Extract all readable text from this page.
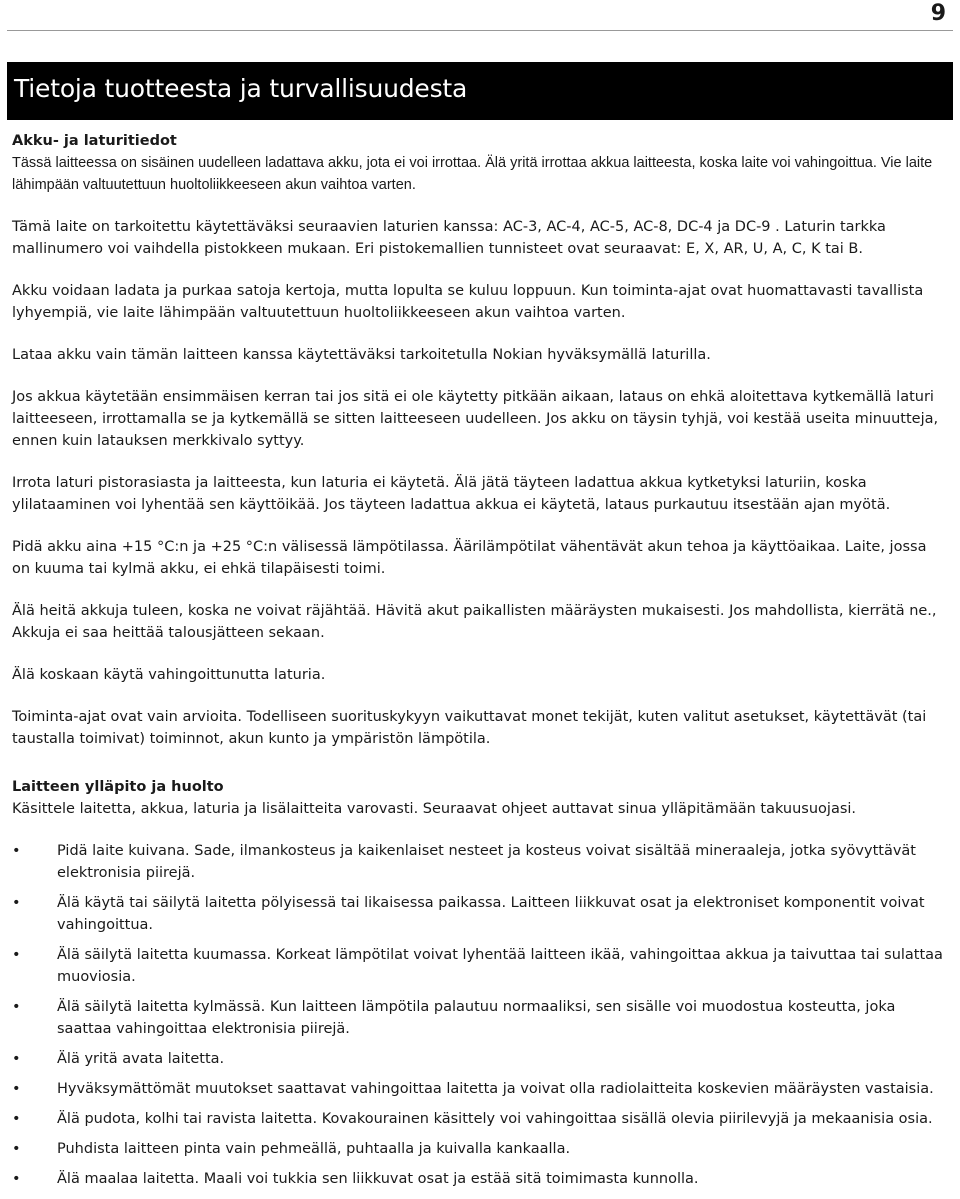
9
Tietoja tuotteesta ja turvallisuudesta

Akku- ja laturitiedot

Tässä laitteessa on sisäinen uudelleen ladattava akku, jota ei voi irrottaa. Älä yritä irrottaa akkua laitteesta, koska laite voi vahingoittua. Vie laite lähimpään valtuutettuun huoltoliikkeeseen akun vaihtoa varten.

Tämä laite on tarkoitettu käytettäväksi seuraavien laturien kanssa: AC-3, AC-4, AC-5, AC-8, DC-4 ja DC-9 . Laturin tarkka mallinumero voi vaihdella pistokkeen mukaan. Eri pistokemallien tunnisteet ovat seuraavat: E, X, AR, U, A, C, K tai B.

Akku voidaan ladata ja purkaa satoja kertoja, mutta lopulta se kuluu loppuun. Kun toiminta-ajat ovat huomattavasti tavallista lyhyempiä, vie laite lähimpään valtuutettuun huoltoliikkeeseen akun vaihtoa varten.

Lataa akku vain tämän laitteen kanssa käytettäväksi tarkoitetulla Nokian hyväksymällä laturilla.

Jos akkua käytetään ensimmäisen kerran tai jos sitä ei ole käytetty pitkään aikaan, lataus on ehkä aloitettava kytkemällä laturi laitteeseen, irrottamalla se ja kytkemällä se sitten laitteeseen uudelleen. Jos akku on täysin tyhjä, voi kestää useita minuutteja, ennen kuin latauksen merkkivalo syttyy.

Irrota laturi pistorasiasta ja laitteesta, kun laturia ei käytetä. Älä jätä täyteen ladattua akkua kytketyksi laturiin, koska ylilataaminen voi lyhentää sen käyttöikää. Jos täyteen ladattua akkua ei käytetä, lataus purkautuu itsestään ajan myötä.

Pidä akku aina +15 °C:n ja +25 °C:n välisessä lämpötilassa. Äärilämpötilat vähentävät akun tehoa ja käyttöaikaa. Laite, jossa on kuuma tai kylmä akku, ei ehkä tilapäisesti toimi.

Älä heitä akkuja tuleen, koska ne voivat räjähtää. Hävitä akut paikallisten määräysten mukaisesti. Jos mahdollista, kierrätä ne., Akkuja ei saa heittää talousjätteen sekaan.

Älä koskaan käytä vahingoittunutta laturia.

Toiminta-ajat ovat vain arvioita. Todelliseen suorituskykyyn vaikuttavat monet tekijät, kuten valitut asetukset, käytettävät (tai taustalla toimivat) toiminnot, akun kunto ja ympäristön lämpötila.

Laitteen ylläpito ja huolto

Käsittele laitetta, akkua, laturia ja lisälaitteita varovasti. Seuraavat ohjeet auttavat sinua ylläpitämään takuusuojasi.

• Pidä laite kuivana. Sade, ilmankosteus ja kaikenlaiset nesteet ja kosteus voivat sisältää mineraaleja, jotka syövyttävät elektronisia piirejä.
• Älä käytä tai säilytä laitetta pölyisessä tai likaisessa paikassa. Laitteen liikkuvat osat ja elektroniset komponentit voivat vahingoittua.
• Älä säilytä laitetta kuumassa. Korkeat lämpötilat voivat lyhentää laitteen ikää, vahingoittaa akkua ja taivuttaa tai sulattaa muoviosia.
• Älä säilytä laitetta kylmässä. Kun laitteen lämpötila palautuu normaaliksi, sen sisälle voi muodostua kosteutta, joka saattaa vahingoittaa elektronisia piirejä.
• Älä yritä avata laitetta.
• Hyväksymättömät muutokset saattavat vahingoittaa laitetta ja voivat olla radiolaitteita koskevien määräysten vastaisia.
• Älä pudota, kolhi tai ravista laitetta. Kovakourainen käsittely voi vahingoittaa sisällä olevia piirilevyjä ja mekaanisia osia.
• Puhdista laitteen pinta vain pehmeällä, puhtaalla ja kuivalla kankaalla.
• Älä maalaa laitetta. Maali voi tukkia sen liikkuvat osat ja estää sitä toimimasta kunnolla.
